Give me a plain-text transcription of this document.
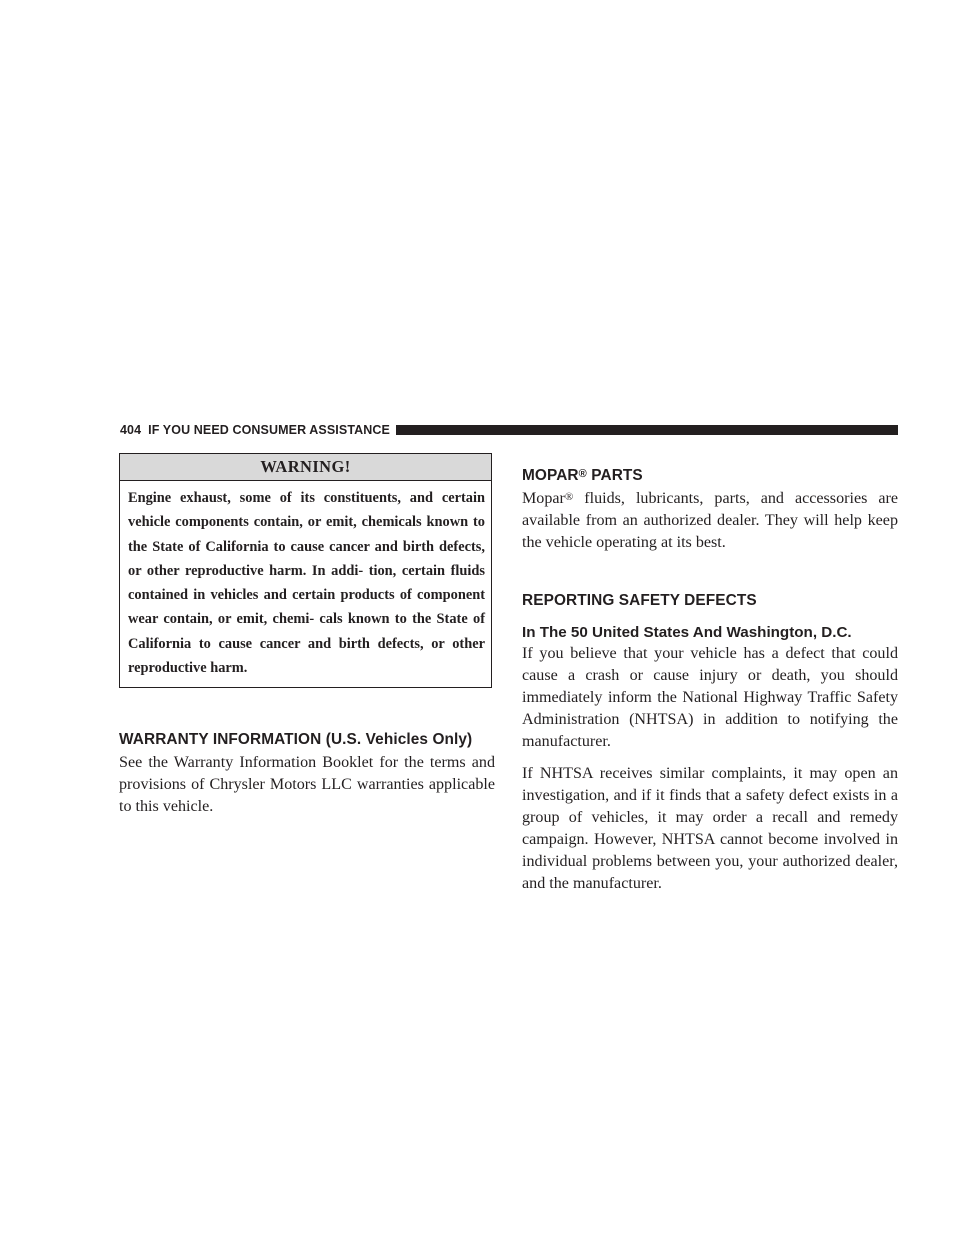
404 IF YOU NEED CONSUMER ASSISTANCE
WARNING!
Engine exhaust, some of its constituents, and certain vehicle components contain, or emit, chemicals known to the State of California to cause cancer and birth defects, or other reproductive harm. In addi- tion, certain fluids contained in vehicles and certain products of component wear contain, or emit, chemi- cals known to the State of California to cause cancer and birth defects, or other reproductive harm.
WARRANTY INFORMATION (U.S. Vehicles Only)

See the Warranty Information Booklet for the terms and provisions of Chrysler Motors LLC warranties applicable to this vehicle.

MOPAR® PARTS

Mopar® fluids, lubricants, parts, and accessories are available from an authorized dealer. They will help keep the vehicle operating at its best.

REPORTING SAFETY DEFECTS
In The 50 United States And Washington, D.C.

If you believe that your vehicle has a defect that could cause a crash or cause injury or death, you should immediately inform the National Highway Traffic Safety Administration (NHTSA) in addition to notifying the manufacturer.

If NHTSA receives similar complaints, it may open an investigation, and if it finds that a safety defect exists in a group of vehicles, it may order a recall and remedy campaign. However, NHTSA cannot become involved in individual problems between you, your authorized dealer, and the manufacturer.
